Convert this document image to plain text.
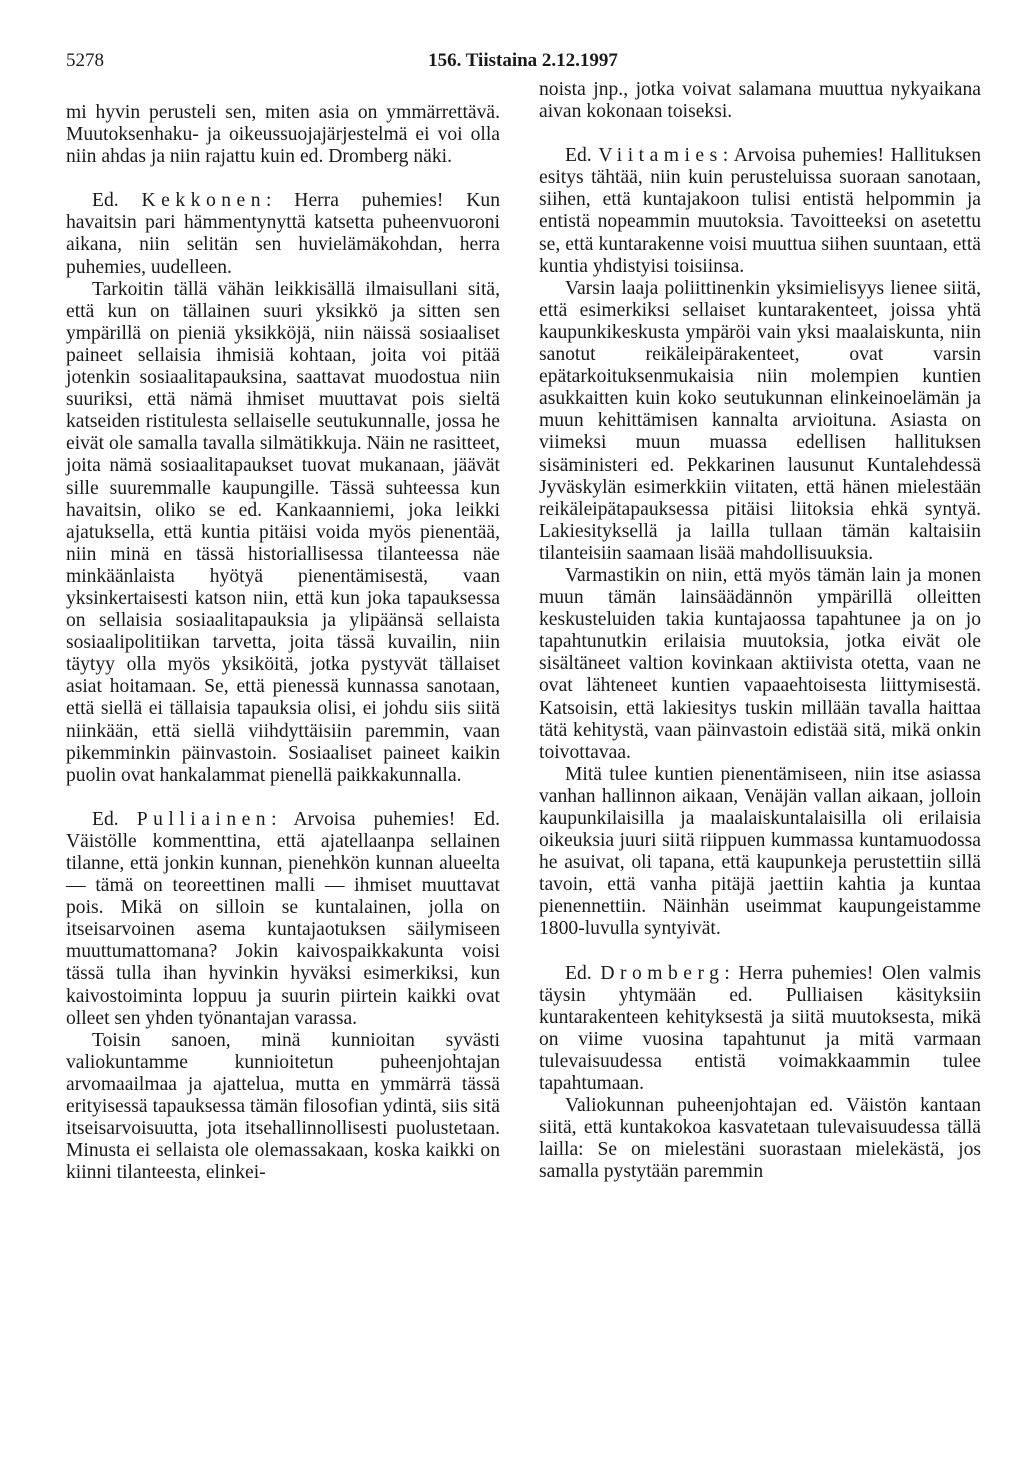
5278	156. Tiistaina 2.12.1997

mi hyvin perusteli sen, miten asia on ymmärrettävä. Muutoksenhaku- ja oikeussuojajärjestelmä ei voi olla niin ahdas ja niin rajattu kuin ed. Dromberg näki.

Ed. Kekkonen: Herra puhemies! Kun havaitsin pari hämmentynyttä katsetta puheenvuoroni aikana, niin selitän sen huvielämäkohdan, herra puhemies, uudelleen.

Tarkoitin tällä vähän leikkisällä ilmaisullani sitä, että kun on tällainen suuri yksikkö ja sitten sen ympärillä on pieniä yksikköjä, niin näissä sosiaaliset paineet sellaisia ihmisiä kohtaan, joita voi pitää jotenkin sosiaalitapauksina, saattavat muodostua niin suuriksi, että nämä ihmiset muuttavat pois sieltä katseiden ristitulesta sellaiselle seutukunnalle, jossa he eivät ole samalla tavalla silmätikkuja. Näin ne rasitteet, joita nämä sosiaalitapaukset tuovat mukanaan, jäävät sille suuremmalle kaupungille. Tässä suhteessa kun havaitsin, oliko se ed. Kankaanniemi, joka leikki ajatuksella, että kuntia pitäisi voida myös pienentää, niin minä en tässä historiallisessa tilanteessa näe minkäänlaista hyötyä pienentämisestä, vaan yksinkertaisesti katson niin, että kun joka tapauksessa on sellaisia sosiaalitapauksia ja ylipäänsä sellaista sosiaalipolitiikan tarvetta, joita tässä kuvailin, niin täytyy olla myös yksiköitä, jotka pystyvät tällaiset asiat hoitamaan. Se, että pienessä kunnassa sanotaan, että siellä ei tällaisia tapauksia olisi, ei johdu siis siitä niinkään, että siellä viihdyttäisiin paremmin, vaan pikemminkin päinvastoin. Sosiaaliset paineet kaikin puolin ovat hankalammat pienellä paikkakunnalla.

Ed. Pulliainen: Arvoisa puhemies! Ed. Väistölle kommenttina, että ajatellaanpa sellainen tilanne, että jonkin kunnan, pienehkön kunnan alueelta — tämä on teoreettinen malli — ihmiset muuttavat pois. Mikä on silloin se kuntalainen, jolla on itseisarvoinen asema kuntajaotuksen säilymiseen muuttumattomana? Jokin kaivospaikkakunta voisi tässä tulla ihan hyvinkin hyväksi esimerkiksi, kun kaivostoiminta loppuu ja suurin piirtein kaikki ovat olleet sen yhden työnantajan varassa.

Toisin sanoen, minä kunnioitan syvästi valiokuntamme kunnioitetun puheenjohtajan arvomaailmaa ja ajattelua, mutta en ymmärrä tässä erityisessä tapauksessa tämän filosofian ydintä, siis sitä itseisarvoisuutta, jota itsehallinnollisesti puolustetaan. Minusta ei sellaista ole olemassakaan, koska kaikki on kiinni tilanteesta, elinkei-

noista jnp., jotka voivat salamana muuttua nykyaikana aivan kokonaan toiseksi.

Ed. Viitamies: Arvoisa puhemies! Hallituksen esitys tähtää, niin kuin perusteluissa suoraan sanotaan, siihen, että kuntajakoon tulisi entistä helpommin ja entistä nopeammin muutoksia. Tavoitteeksi on asetettu se, että kuntarakenne voisi muuttua siihen suuntaan, että kuntia yhdistyisi toisiinsa.

Varsin laaja poliittinenkin yksimielisyys lienee siitä, että esimerkiksi sellaiset kuntarakenteet, joissa yhtä kaupunkikeskusta ympäröi vain yksi maalaiskunta, niin sanotut reikäleipärakenteet, ovat varsin epätarkoituksenmukaisia niin molempien kuntien asukkaitten kuin koko seutukunnan elinkeinoelämän ja muun kehittämisen kannalta arvioituna. Asiasta on viimeksi muun muassa edellisen hallituksen sisäministeri ed. Pekkarinen lausunut Kuntalehdessä Jyväskylän esimerkkiin viitaten, että hänen mielestään reikäleipätapauksessa pitäisi liitoksia ehkä syntyä. Lakiesityksellä ja laillа tullaan tämän kaltaisiin tilanteisiin saamaan lisää mahdollisuuksia.

Varmastikin on niin, että myös tämän lain ja monen muun tämän lainsäädännön ympärillä olleitten keskusteluiden takia kuntajaossa tapahtunee ja on jo tapahtunutkin erilaisia muutoksia, jotka eivät ole sisältäneet valtion kovinkaan aktiivista otetta, vaan ne ovat lähteneet kuntien vapaaehtoisesta liittymisestä. Katsoisin, että lakiesitys tuskin millään tavalla haittaa tätä kehitystä, vaan päinvastoin edistää sitä, mikä onkin toivottavaa.

Mitä tulee kuntien pienentämiseen, niin itse asiassa vanhan hallinnon aikaan, Venäjän vallan aikaan, jolloin kaupunkilaisilla ja maalaiskuntalaisilla oli erilaisia oikeuksia juuri siitä riippuen kummassa kuntamuodossa he asuivat, oli tapana, että kaupunkeja perustettiin sillä tavoin, että vanha pitäjä jaettiin kahtia ja kuntaa pienennettiin. Näinhän useimmat kaupungeistamme 1800-luvulla syntyivät.

Ed. Dromberg: Herra puhemies! Olen valmis täysin yhtymään ed. Pulliaisen käsityksiin kuntarakenteen kehityksestä ja siitä muutoksesta, mikä on viime vuosina tapahtunut ja mitä varmaan tulevaisuudessa entistä voimakkaammin tulee tapahtumaan.

Valiokunnan puheenjohtajan ed. Väistön kantaan siitä, että kuntakokoa kasvatetaan tulevaisuudessa tällä laillа: Se on mielestäni suorastaan mielekästä, jos samalla pystytään paremmin
